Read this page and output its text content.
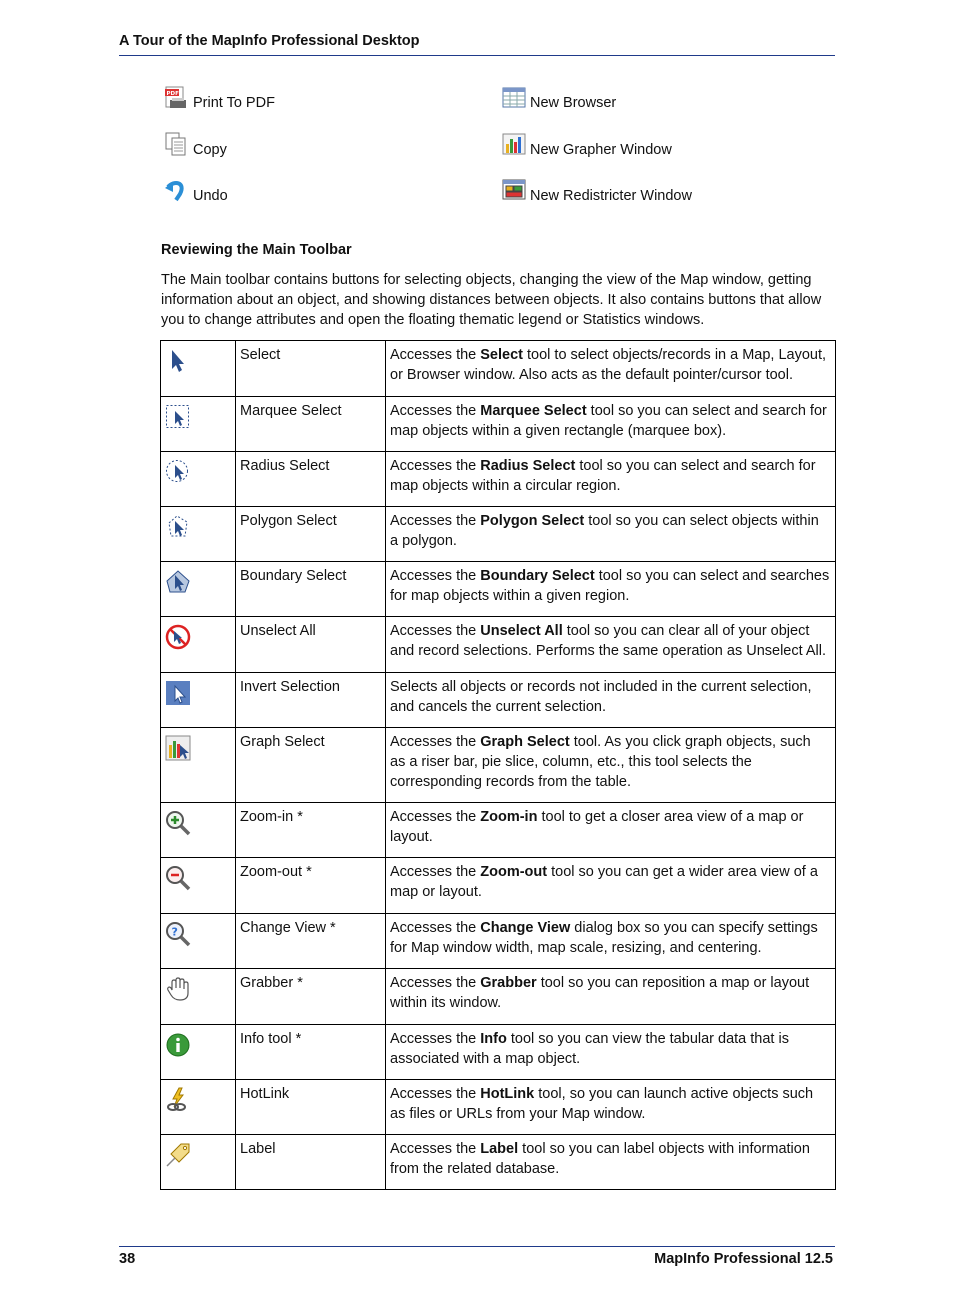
A Tour of the MapInfo Professional Desktop
PDF
Print To PDF
Copy
Undo
New Browser
New Grapher Window
New Redistricter Window
Reviewing the Main Toolbar

The Main toolbar contains buttons for selecting objects, changing the view of the Map window, getting information about an object, and showing distances between objects. It also contains buttons that allow you to change attributes and open the floating thematic legend or Statistics windows.

	Select	Accesses the Select tool to select objects/records in a Map, Layout, or Browser window. Also acts as the default pointer/cursor tool.

	Marquee Select	Accesses the Marquee Select tool so you can select and search for map objects within a given rectangle (marquee box).

	Radius Select	Accesses the Radius Select tool so you can select and search for map objects within a circular region.

	Polygon Select	Accesses the Polygon Select tool so you can select objects within a polygon.

	Boundary Select	Accesses the Boundary Select tool so you can select and searches for map objects within a given region.

	Unselect All	Accesses the Unselect All tool so you can clear all of your object and record selections. Performs the same operation as Unselect All.

	Invert Selection	Selects all objects or records not included in the current selection, and cancels the current selection.

	Graph Select	Accesses the Graph Select tool. As you click graph objects, such as a riser bar, pie slice, column, etc., this tool selects the corresponding records from the table.

	Zoom-in *	Accesses the Zoom-in tool to get a closer area view of a map or layout.

	Zoom-out *	Accesses the Zoom-out tool so you can get a wider area view of a map or layout.

?	Change View *	Accesses the Change View dialog box so you can specify settings for Map window width, map scale, resizing, and centering.

	Grabber *	Accesses the Grabber tool so you can reposition a map or layout within its window.

	Info tool *	Accesses the Info tool so you can view the tabular data that is associated with a map object.

	HotLink	Accesses the HotLink tool, so you can launch active objects such as files or URLs from your Map window.

	Label	Accesses the Label tool so you can label objects with information from the related database.
38	MapInfo Professional 12.5
